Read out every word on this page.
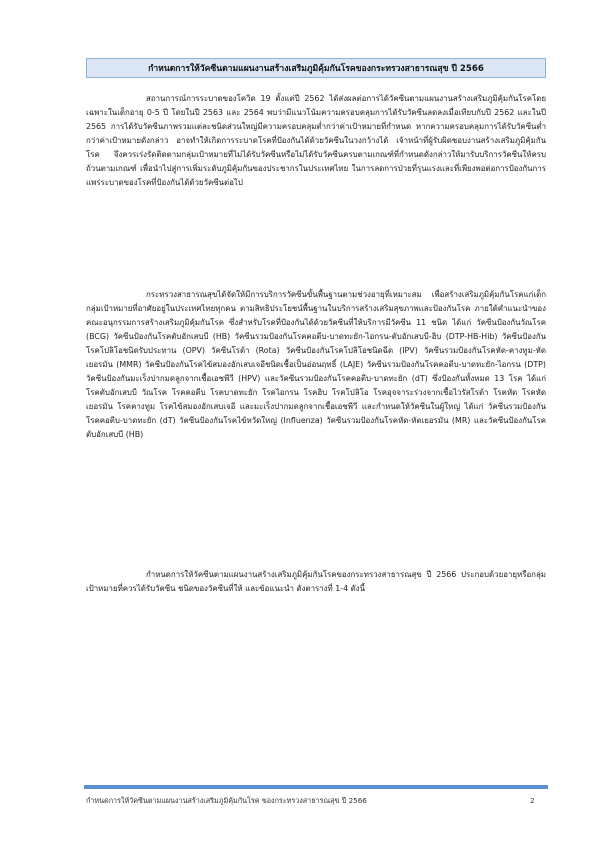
กำหนดการให้วัคซีนตามแผนงานสร้างเสริมภูมิคุ้มกันโรคของกระทรวงสาธารณสุข ปี 2566

สถานการณ์การระบาดของโควิด 19 ตั้งแต่ปี 2562 ได้ส่งผลต่อการได้วัคซีนตามแผนงานสร้างเสริมภูมิคุ้มกันโรคโดยเฉพาะในเด็กอายุ 0-5 ปี โดยในปี 2563 และ 2564 พบว่ามีแนวโน้มความครอบคลุมการได้รับวัคซีนลดลงเมื่อเทียบกับปี 2562 และในปี 2565 การได้รับวัคซีนภาพรวมแต่ละชนิดส่วนใหญ่มีความครอบคลุมต่ำกว่าค่าเป้าหมายที่กำหนด หากความครอบคลุมการได้รับวัคซีนต่ำกว่าค่าเป้าหมายดังกล่าว อาจทำให้เกิดการระบาดโรคที่ป้องกันได้ด้วยวัคซีนในวงกว้างได้ เจ้าหน้าที่ผู้รับผิดชอบงานสร้างเสริมภูมิคุ้มกันโรค จึงควรเร่งรัดติดตามกลุ่มเป้าหมายที่ไม่ได้รับวัคซีนหรือไม่ได้รับวัคซีนครบตามเกณฑ์ที่กำหนดดังกล่าวให้มารับบริการวัคซีนให้ครบถ้วนตามเกณฑ์ เพื่อนำไปสู่การเพิ่มระดับภูมิคุ้มกันของประชากรในประเทศไทย ในการลดการป่วยที่รุนแรงและที่เพียงพอต่อการป้องกันการแพร่ระบาดของโรคที่ป้องกันได้ด้วยวัคซีนต่อไป

กระทรวงสาธารณสุขได้จัดให้มีการบริการวัคซีนขั้นพื้นฐานตามช่วงอายุที่เหมาะสม เพื่อสร้างเสริมภูมิคุ้มกันโรคแก่เด็กกลุ่มเป้าหมายที่อาศัยอยู่ในประเทศไทยทุกคน ตามสิทธิประโยชน์พื้นฐานในบริการสร้างเสริมสุขภาพและป้องกันโรค ภายใต้คำแนะนำของคณะอนุกรรมการสร้างเสริมภูมิคุ้มกันโรค ซึ่งสำหรับโรคที่ป้องกันได้ด้วยวัคซีนที่ให้บริการมีวัคซีน 11 ชนิด ได้แก่ วัคซีนป้องกันวัณโรค (BCG) วัคซีนป้องกันโรคตับอักเสบบี (HB) วัคซีนรวมป้องกันโรคคอตีบ-บาดทะยัก-ไอกรน-ตับอักเสบบี-ฮิบ (DTP-HB-Hib) วัคซีนป้องกันโรคโปลิโอชนิดรับประทาน (OPV) วัคซีนโรต้า (Rota) วัคซีนป้องกันโรคโปลิโอชนิดฉีด (IPV) วัคซีนรวมป้องกันโรคหัด-คางทูม-หัดเยอรมัน (MMR) วัคซีนป้องกันโรคไข้สมองอักเสบเจอีชนิดเชื้อเป็นอ่อนฤทธิ์ (LAJE) วัคซีนรวมป้องกันโรคคอตีบ-บาดทะยัก-ไอกรน (DTP) วัคซีนป้องกันมะเร็งปากมดลูกจากเชื้อเอชพีวี (HPV) และวัคซีนรวมป้องกันโรคคอตีบ-บาดทะยัก (dT) ซึ่งป้องกันทั้งหมด 13 โรค ได้แก่ โรคตับอักเสบบี วัณโรค โรคคอตีบ โรคบาดทะยัก โรคไอกรน โรคฮิบ โรคโปลิโอ โรคอุจจาระร่วงจากเชื้อไวรัสโรต้า โรคหัด โรคหัดเยอรมัน โรคคางทูม โรคไข้สมองอักเสบเจอี และมะเร็งปากมดลูกจากเชื้อเอชพีวี และกำหนดให้วัคซีนในผู้ใหญ่ ได้แก่ วัคซีนรวมป้องกันโรคคอตีบ-บาดทะยัก (dT) วัคซีนป้องกันโรคไข้หวัดใหญ่ (Influenza) วัคซีนรวมป้องกันโรคหัด-หัดเยอรมัน (MR) และวัคซีนป้องกันโรคตับอักเสบบี (HB)

กำหนดการให้วัคซีนตามแผนงานสร้างเสริมภูมิคุ้มกันโรคของกระทรวงสาธารณสุข ปี 2566 ประกอบด้วยอายุหรือกลุ่มเป้าหมายที่ควรได้รับวัคซีน ชนิดของวัคซีนที่ให้ และข้อแนะนำ ดังตารางที่ 1-4 ดังนี้

กำหนดการให้วัคซีนตามแผนงานสร้างเสริมภูมิคุ้มกันโรค ของกระทรวงสาธารณสุข ปี 2566	2
